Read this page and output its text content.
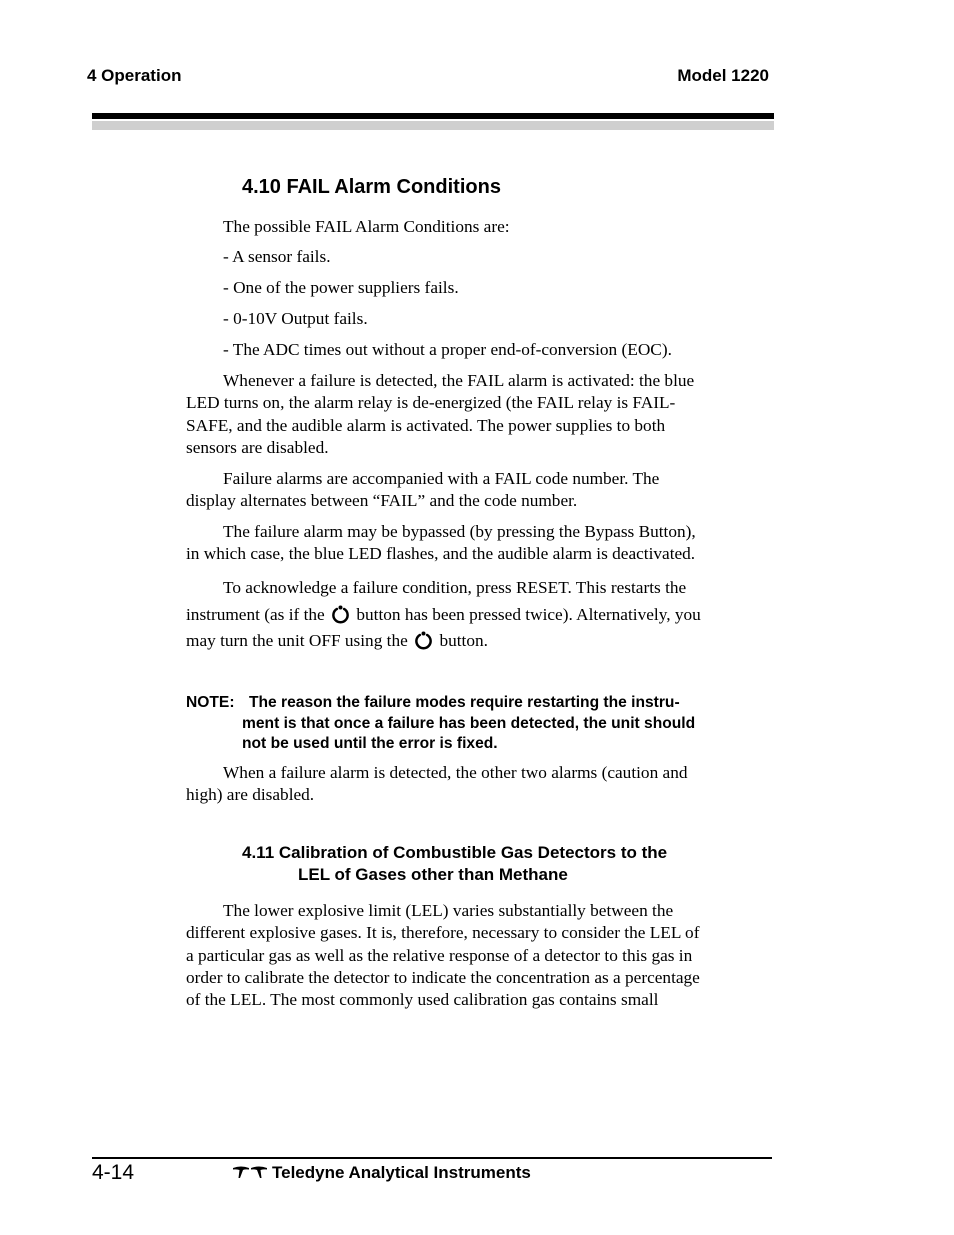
4 Operation	Model 1220
4.10 FAIL Alarm Conditions
The possible FAIL Alarm Conditions are:
- A sensor fails.
- One of the power suppliers fails.
- 0-10V Output fails.
- The ADC times out without a proper end-of-conversion (EOC).
Whenever a failure is detected, the FAIL alarm is activated: the blue
LED turns on, the alarm relay is de-energized (the FAIL relay is FAIL-
SAFE, and the audible alarm is activated. The power supplies to both
sensors are disabled.
Failure alarms are accompanied with a FAIL code number. The
display alternates between “FAIL” and the code number.
The failure alarm may be bypassed (by pressing the Bypass Button),
in which case, the blue LED flashes, and the audible alarm is deactivated.
To acknowledge a failure condition, press RESET. This restarts the
instrument (as if the button has been pressed twice). Alternatively, you
may turn the unit OFF using the button.
NOTE: The reason the failure modes require restarting the instru-
ment is that once a failure has been detected, the unit should
not be used until the error is fixed.
When a failure alarm is detected, the other two alarms (caution and
high) are disabled.
4.11 Calibration of Combustible Gas Detectors to the
LEL of Gases other than Methane
The lower explosive limit (LEL) varies substantially between the
different explosive gases. It is, therefore, necessary to consider the LEL of
a particular gas as well as the relative response of a detector to this gas in
order to calibrate the detector to indicate the concentration as a percentage
of the LEL. The most commonly used calibration gas contains small
4-14	Teledyne Analytical Instruments
